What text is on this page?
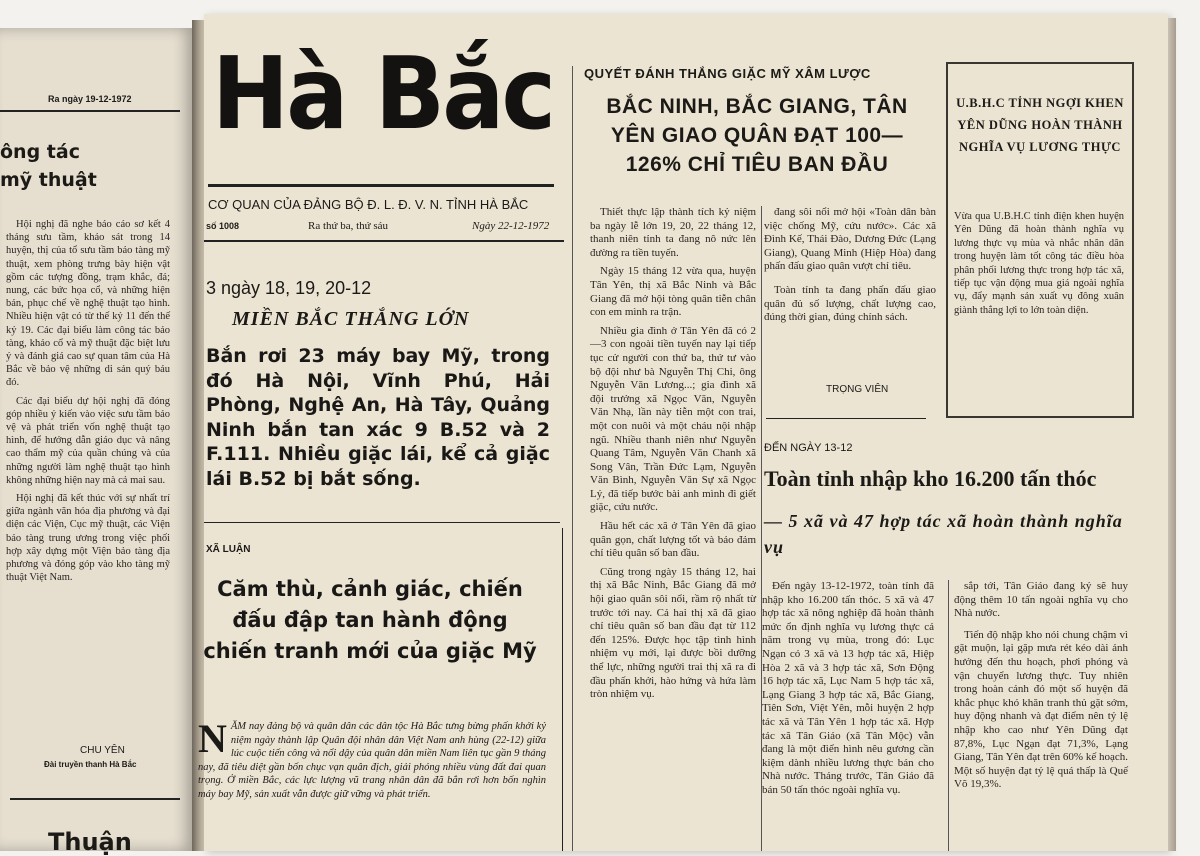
Ra ngày 19-12-1972
ông tác
mỹ thuật

Hội nghị đã nghe báo cáo sơ kết 4 tháng sưu tầm, khảo sát trong 14 huyện, thị của tổ sưu tầm bảo tàng mỹ thuật, xem phòng trưng bày hiện vật gồm các tượng đồng, trạm khắc, đá; nung, các bức họa cổ, và những hiện bản, phục chế về nghệ thuật tạo hình. Nhiều hiện vật có từ thế kỷ 11 đến thế kỷ 19. Các đại biểu làm công tác bảo tàng, khảo cổ và mỹ thuật đặc biệt lưu ý và đánh giá cao sự quan tâm của Hà Bắc về bảo vệ những di sản quý báu đó.

Các đại biểu dự hội nghị đã đóng góp nhiều ý kiến vào việc sưu tầm bảo vệ và phát triển vốn nghệ thuật tạo hình, để hướng dẫn giáo dục và nâng cao thẩm mỹ của quần chúng và của những người làm nghệ thuật tạo hình không những hiện nay mà cả mai sau.

Hội nghị đã kết thúc với sự nhất trí giữa ngành văn hóa địa phương và đại diện các Viện, Cục mỹ thuật, các Viện bảo tàng trung ương trong việc phối hợp xây dựng một Viện bảo tàng địa phương và đóng góp vào kho tàng mỹ thuật Việt Nam.

CHU YÊN
Đài truyền thanh Hà Bắc
Thuận
Hà Bắc
CƠ QUAN CỦA ĐẢNG BỘ Đ. L. Đ. V. N. TỈNH HÀ BẮC
số 1008	Ra thứ ba, thứ sáu	Ngày 22-12-1972
3 ngày 18, 19, 20-12
MIỀN BẮC THẮNG LỚN
Bắn rơi 23 máy bay Mỹ, trong đó Hà Nội, Vĩnh Phú, Hải Phòng, Nghệ An, Hà Tây, Quảng Ninh bắn tan xác 9 B.52 và 2 F.111. Nhiều giặc lái, kể cả giặc lái B.52 bị bắt sống.
XÃ LUẬN
Căm thù, cảnh giác, chiến đấu đập tan hành động chiến tranh mới của giặc Mỹ
NĂM nay đảng bộ và quân dân các dân tộc Hà Bắc tưng bừng phấn khởi kỷ niệm ngày thành lập Quân đội nhân dân Việt Nam anh hùng (22-12) giữa lúc cuộc tiến công và nổi dậy của quân dân miền Nam liên tục gần 9 tháng nay, đã tiêu diệt gần bốn chục vạn quân địch, giải phóng nhiều vùng đất đai quan trọng. Ở miền Bắc, các lực lượng vũ trang nhân dân đã bắn rơi hơn bốn nghìn máy bay Mỹ, sản xuất vẫn được giữ vững và phát triển.
QUYẾT ĐÁNH THẮNG GIẶC MỸ XÂM LƯỢC
BẮC NINH, BẮC GIANG, TÂN YÊN GIAO QUÂN ĐẠT 100—126% CHỈ TIÊU BAN ĐẦU

Thiết thực lập thành tích kỷ niệm ba ngày lễ lớn 19, 20, 22 tháng 12, thanh niên tỉnh ta đang nô nức lên đường ra tiền tuyến.

Ngày 15 tháng 12 vừa qua, huyện Tân Yên, thị xã Bắc Ninh và Bắc Giang đã mở hội tòng quân tiễn chân con em mình ra trận.

Nhiều gia đình ở Tân Yên đã có 2—3 con ngoài tiền tuyến nay lại tiếp tục cử người con thứ ba, thứ tư vào bộ đội như bà Nguyễn Thị Chi, ông Nguyễn Văn Lương...; gia đình xã đội trưởng xã Ngọc Văn, Nguyễn Văn Nhạ, lần này tiễn một con trai, một con nuôi và một cháu nội nhập ngũ. Nhiều thanh niên như Nguyễn Quang Tâm, Nguyễn Văn Chanh xã Song Vân, Trần Đức Lạm, Nguyễn Văn Bình, Nguyễn Văn Sự xã Ngọc Lý, đã tiếp bước bài anh mình đi giết giặc, cứu nước.

Hầu hết các xã ở Tân Yên đã giao quân gọn, chất lượng tốt và bảo đảm chỉ tiêu quân số ban đầu.

Cũng trong ngày 15 tháng 12, hai thị xã Bắc Ninh, Bắc Giang đã mở hội giao quân sôi nổi, rầm rộ nhất từ trước tới nay. Cả hai thị xã đã giao chỉ tiêu quân số ban đầu đạt từ 112 đến 125%. Được học tập tình hình nhiệm vụ mới, lại được bồi dưỡng thể lực, những người trai thị xã ra đi đầu phấn khởi, hào hứng và hứa làm tròn nhiệm vụ.

đang sôi nổi mở hội «Toàn dân bàn việc chống Mỹ, cứu nước». Các xã Đình Kế, Thái Đào, Dương Đức (Lạng Giang), Quang Minh (Hiệp Hòa) đang phấn đấu giao quân vượt chỉ tiêu.

Toàn tỉnh ta đang phấn đấu giao quân đủ số lượng, chất lượng cao, đúng thời gian, đúng chính sách.

TRỌNG VIÊN
U.B.H.C TỈNH NGỢI KHEN YÊN DŨNG HOÀN THÀNH NGHĨA VỤ LƯƠNG THỰC
Vừa qua U.B.H.C tỉnh điện khen huyện Yên Dũng đã hoàn thành nghĩa vụ lương thực vụ mùa và nhắc nhân dân trong huyện làm tốt công tác điều hòa phân phối lương thực trong hợp tác xã, tiếp tục vận động mua giá ngoài nghĩa vụ, đẩy mạnh sản xuất vụ đông xuân giành thắng lợi to lớn toàn diện.
ĐẾN NGÀY 13-12
Toàn tỉnh nhập kho 16.200 tấn thóc
— 5 xã và 47 hợp tác xã hoàn thành nghĩa vụ

Đến ngày 13-12-1972, toàn tỉnh đã nhập kho 16.200 tấn thóc. 5 xã và 47 hợp tác xã nông nghiệp đã hoàn thành mức ổn định nghĩa vụ lương thực cả năm trong vụ mùa, trong đó: Lục Ngạn có 3 xã và 13 hợp tác xã, Hiệp Hòa 2 xã và 3 hợp tác xã, Sơn Động 16 hợp tác xã, Lục Nam 5 hợp tác xã, Lạng Giang 3 hợp tác xã, Bắc Giang, Tiên Sơn, Việt Yên, mỗi huyện 2 hợp tác xã và Tân Yên 1 hợp tác xã. Hợp tác xã Tân Giáo (xã Tân Mộc) vẫn đang là một điển hình nêu gương cần kiệm dành nhiều lương thực bán cho Nhà nước. Tháng trước, Tân Giáo đã bán 50 tấn thóc ngoài nghĩa vụ.

sắp tới, Tân Giáo đang ký sẽ huy động thêm 10 tấn ngoài nghĩa vụ cho Nhà nước.

Tiến độ nhập kho nói chung chậm vì gặt muộn, lại gặp mưa rét kéo dài ảnh hưởng đến thu hoạch, phơi phóng và vận chuyển lương thực. Tuy nhiên trong hoàn cảnh đó một số huyện đã khắc phục khó khăn tranh thủ gặt sớm, huy động nhanh và đạt điểm nên tỷ lệ nhập kho cao như Yên Dũng đạt 87,8%, Lục Ngạn đạt 71,3%, Lạng Giang, Tân Yên đạt trên 60% kế hoạch. Một số huyện đạt tỷ lệ quá thấp là Quế Võ 19,3%.
